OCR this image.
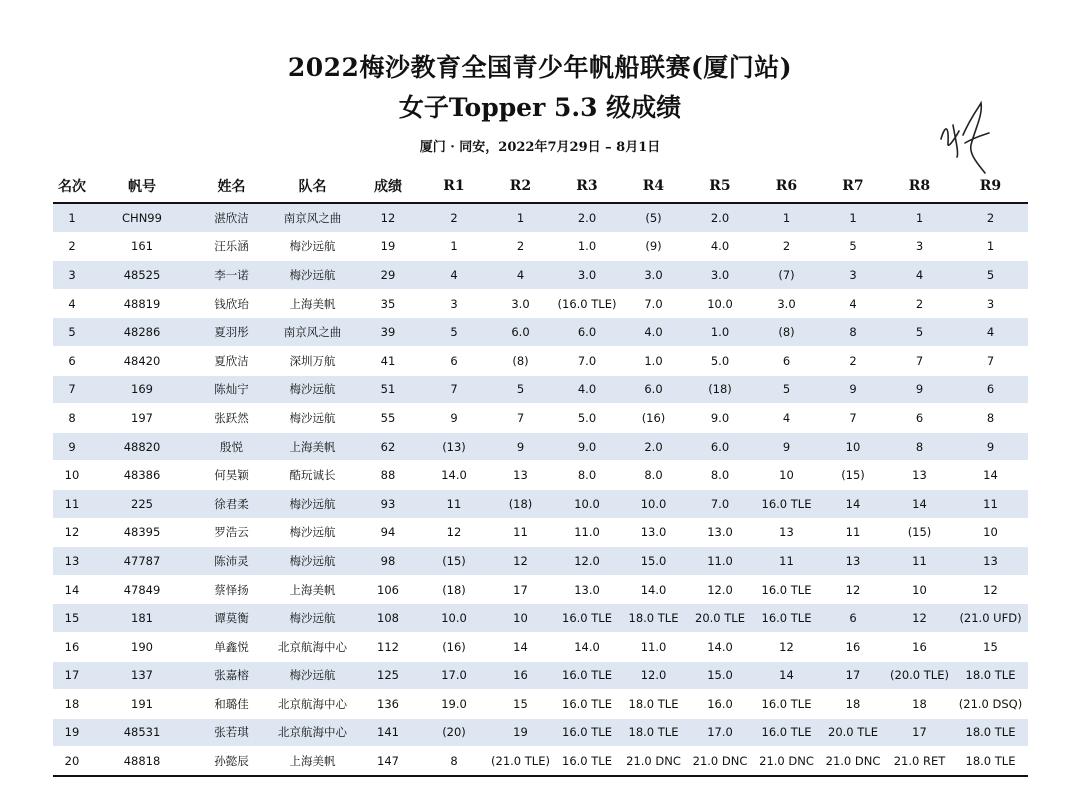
2022梅沙教育全国青少年帆船联赛(厦门站)
女子Topper 5.3 级成绩
厦门 · 同安，2022年7月29日 – 8月1日
名次	帆号	姓名	队名	成绩	R1	R2	R3	R4	R5	R6	R7	R8	R9
1	CHN99	湛欣洁	南京风之曲	12	2	1	2.0	(5)	2.0	1	1	1	2
2	161	汪乐涵	梅沙远航	19	1	2	1.0	(9)	4.0	2	5	3	1
3	48525	李一诺	梅沙远航	29	4	4	3.0	3.0	3.0	(7)	3	4	5
4	48819	钱欣珆	上海美帆	35	3	3.0	(16.0 TLE)	7.0	10.0	3.0	4	2	3
5	48286	夏羽彤	南京风之曲	39	5	6.0	6.0	4.0	1.0	(8)	8	5	4
6	48420	夏欣洁	深圳万航	41	6	(8)	7.0	1.0	5.0	6	2	7	7
7	169	陈灿宁	梅沙远航	51	7	5	4.0	6.0	(18)	5	9	9	6
8	197	张跃然	梅沙远航	55	9	7	5.0	(16)	9.0	4	7	6	8
9	48820	殷悦	上海美帆	62	(13)	9	9.0	2.0	6.0	9	10	8	9
10	48386	何昊颖	酷玩诚长	88	14.0	13	8.0	8.0	8.0	10	(15)	13	14
11	225	徐君柔	梅沙远航	93	11	(18)	10.0	10.0	7.0	16.0 TLE	14	14	11
12	48395	罗浩云	梅沙远航	94	12	11	11.0	13.0	13.0	13	11	(15)	10
13	47787	陈沛灵	梅沙远航	98	(15)	12	12.0	15.0	11.0	11	13	11	13
14	47849	蔡怿扬	上海美帆	106	(18)	17	13.0	14.0	12.0	16.0 TLE	12	10	12
15	181	谭莫衡	梅沙远航	108	10.0	10	16.0 TLE	18.0 TLE	20.0 TLE	16.0 TLE	6	12	(21.0 UFD)
16	190	单鑫悦	北京航海中心	112	(16)	14	14.0	11.0	14.0	12	16	16	15
17	137	张嘉榕	梅沙远航	125	17.0	16	16.0 TLE	12.0	15.0	14	17	(20.0 TLE)	18.0 TLE
18	191	和璐佳	北京航海中心	136	19.0	15	16.0 TLE	18.0 TLE	16.0	16.0 TLE	18	18	(21.0 DSQ)
19	48531	张若琪	北京航海中心	141	(20)	19	16.0 TLE	18.0 TLE	17.0	16.0 TLE	20.0 TLE	17	18.0 TLE
20	48818	孙懿辰	上海美帆	147	8	(21.0 TLE)	16.0 TLE	21.0 DNC	21.0 DNC	21.0 DNC	21.0 DNC	21.0 RET	18.0 TLE
